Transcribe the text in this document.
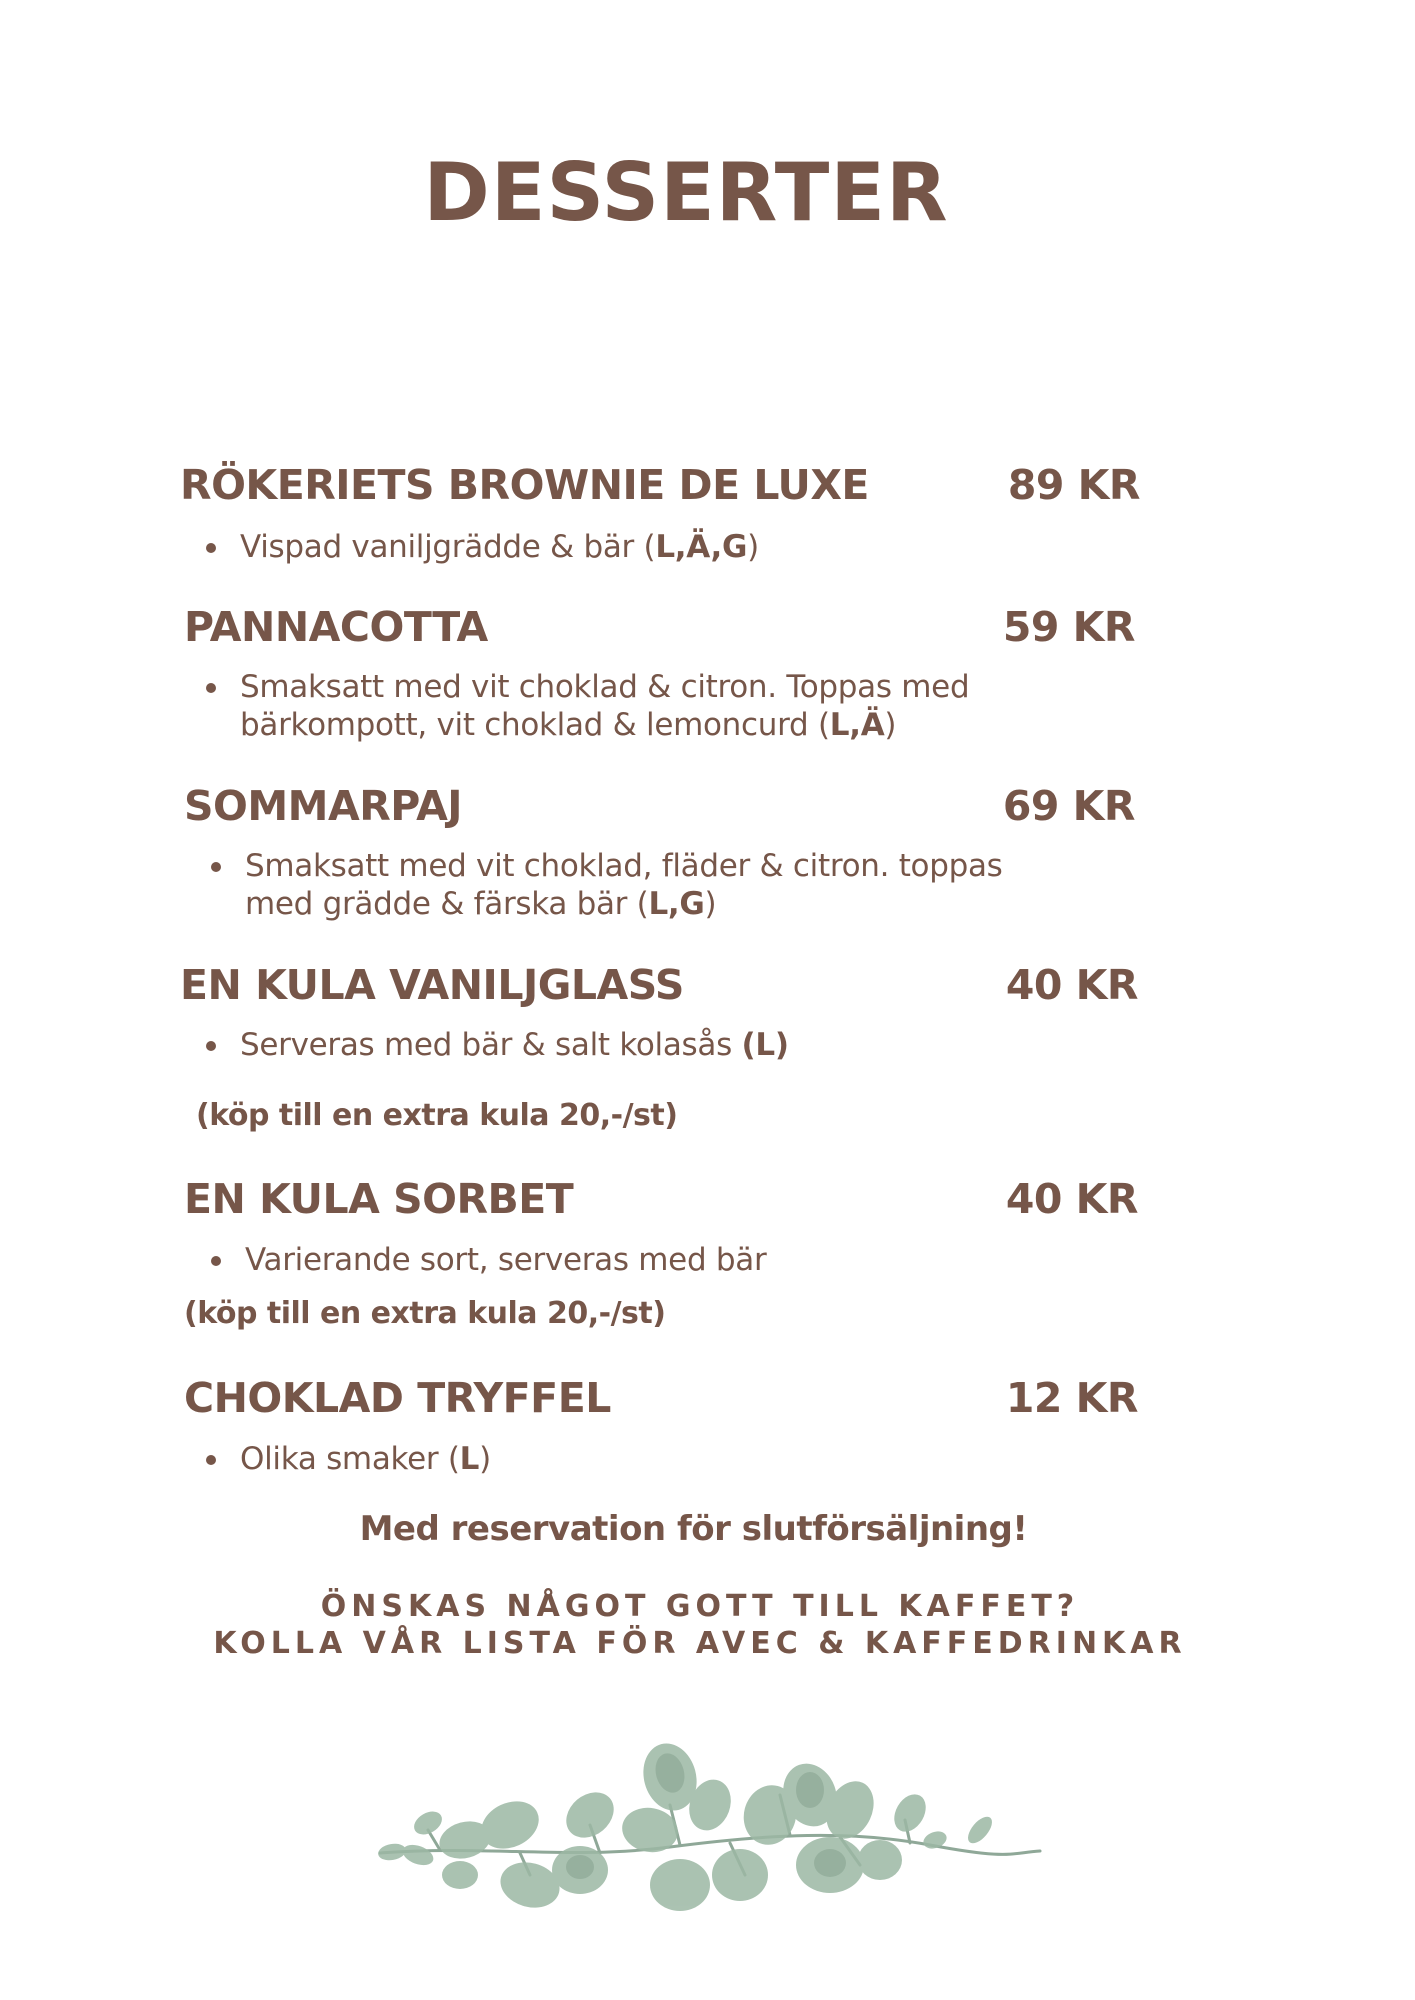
DESSERTER
RÖKERIETS BROWNIE DE LUXE	89 KR
Vispad vaniljgrädde & bär (L,Ä,G)
PANNACOTTA	59 KR
Smaksatt med vit choklad & citron. Toppas med
bärkompott, vit choklad & lemoncurd (L,Ä)
SOMMARPAJ	69 KR
Smaksatt med vit choklad, fläder & citron. toppas
med grädde & färska bär (L,G)
EN KULA VANILJGLASS	40 KR
Serveras med bär & salt kolasås (L)
(köp till en extra kula 20,-/st)
EN KULA SORBET	40 KR
Varierande sort, serveras med bär
(köp till en extra kula 20,-/st)
CHOKLAD TRYFFEL	12 KR
Olika smaker (L)
Med reservation för slutförsäljning!
ÖNSKAS NÅGOT GOTT TILL KAFFET?
KOLLA VÅR LISTA FÖR AVEC & KAFFEDRINKAR
